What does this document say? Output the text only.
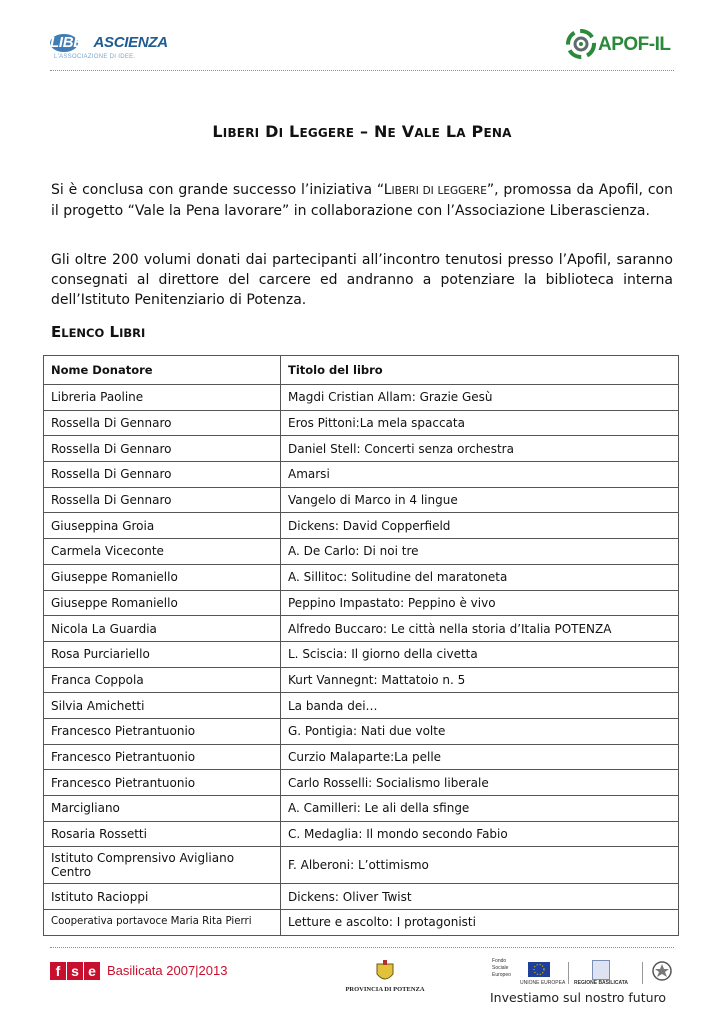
LIBERASCIENZA
L'ASSOCIAZIONE DI IDEE.
APOF-IL
LIBERI DI LEGGERE – NE VALE LA PENA

Si è conclusa con grande successo l’iniziativa “LIBERI DI LEGGERE”, promossa da Apofil, con il progetto “Vale la Pena lavorare” in collaborazione con l’Associazione Liberascienza.

Gli oltre 200 volumi donati dai partecipanti all’incontro tenutosi presso l’Apofil, saranno consegnati al direttore del carcere ed andranno a potenziare la biblioteca interna dell’Istituto Penitenziario di Potenza.

ELENCO LIBRI
Nome Donatore	Titolo del libro
Libreria Paoline	Magdi Cristian Allam: Grazie Gesù
Rossella Di Gennaro	Eros Pittoni:La mela spaccata
Rossella Di Gennaro	Daniel Stell: Concerti senza orchestra
Rossella Di Gennaro	Amarsi
Rossella Di Gennaro	Vangelo di Marco in 4 lingue
Giuseppina Groia	Dickens: David Copperfield
Carmela Viceconte	A. De Carlo: Di noi tre
Giuseppe Romaniello	A. Sillitoc: Solitudine del maratoneta
Giuseppe Romaniello	Peppino Impastato: Peppino è vivo
Nicola La Guardia	Alfredo Buccaro: Le città nella storia d’Italia POTENZA
Rosa Purciariello	L. Sciscia: Il giorno della civetta
Franca Coppola	Kurt Vannegnt: Mattatoio n. 5
Silvia Amichetti	La banda dei…
Francesco Pietrantuonio	G. Pontigia: Nati due volte
Francesco Pietrantuonio	Curzio Malaparte:La pelle
Francesco Pietrantuonio	Carlo Rosselli: Socialismo liberale
Marcigliano	A. Camilleri: Le ali della sfinge
Rosaria Rossetti	C. Medaglia: Il mondo secondo Fabio
Istituto Comprensivo Avigliano Centro	F. Alberoni: L’ottimismo
Istituto Racioppi	Dickens: Oliver Twist
Cooperativa portavoce Maria Rita Pierri	Letture e ascolto: I protagonisti
f s e Basilicata 2007|2013
PROVINCIA DI POTENZA
Fondo
Sociale
Europeo
UNIONE EUROPEA REGIONE BASILICATA
Investiamo sul nostro futuro
